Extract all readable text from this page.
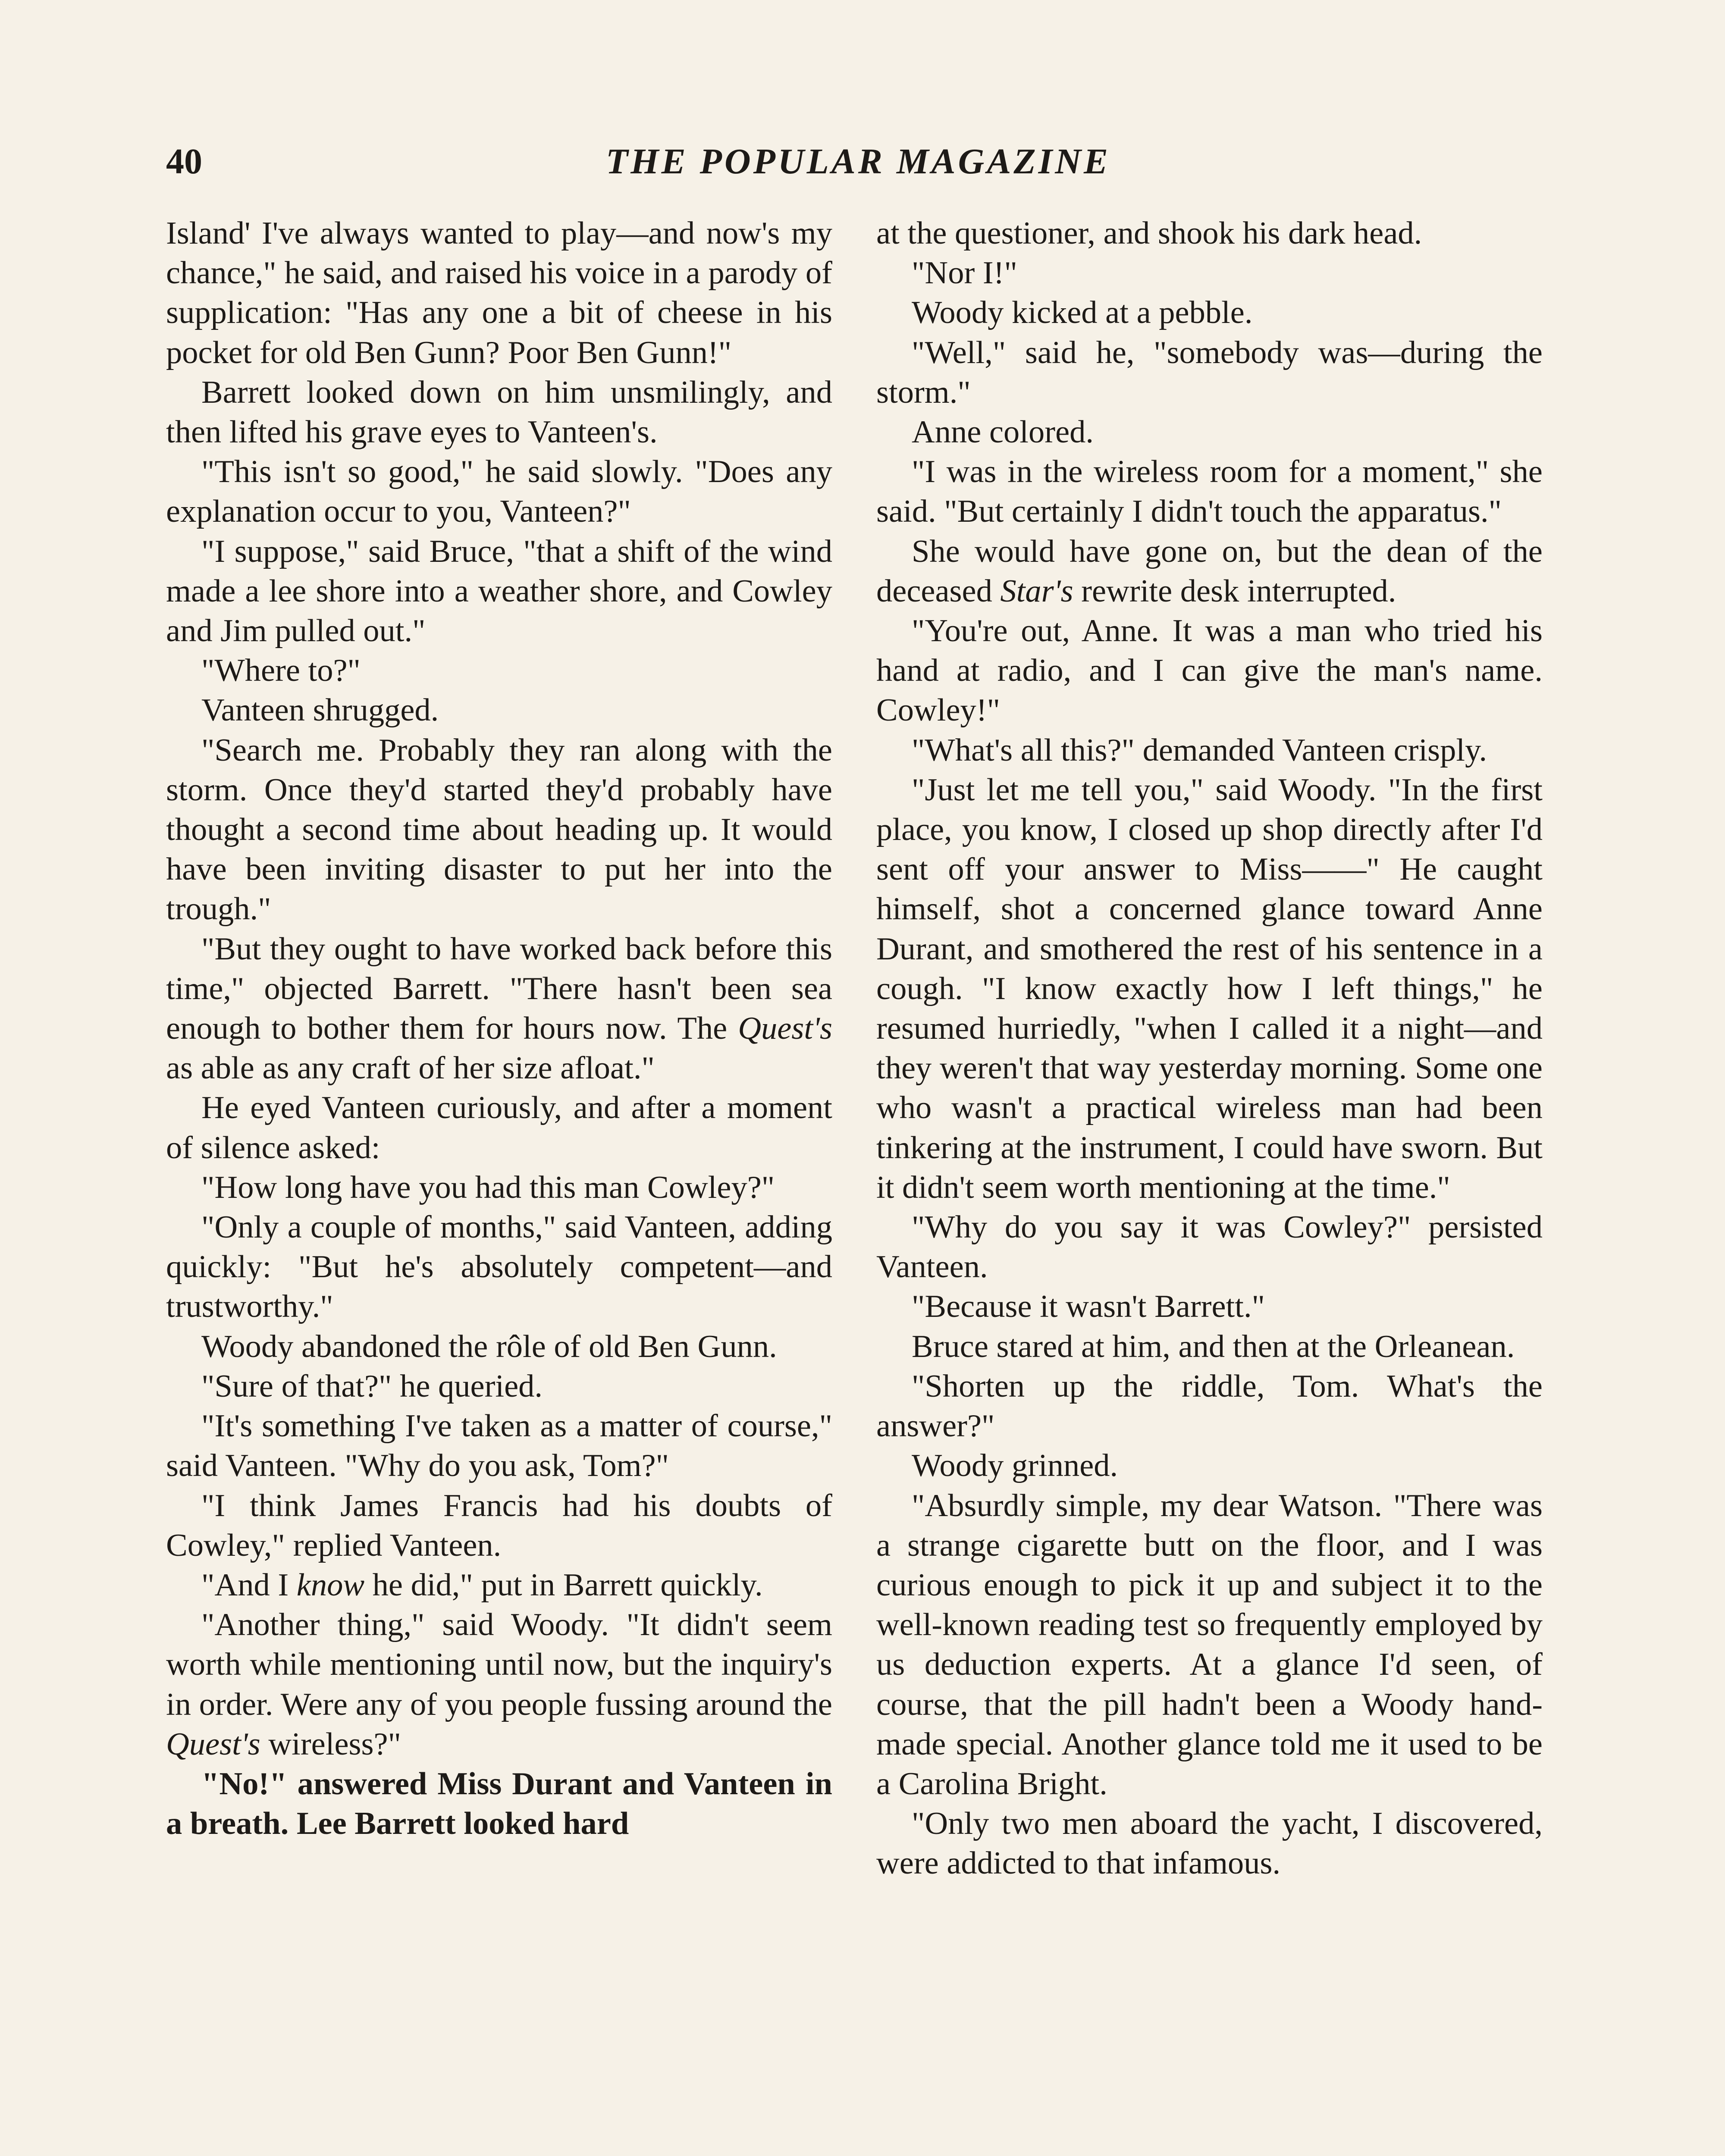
40	THE POPULAR MAGAZINE

Island' I've always wanted to play—and now's my chance," he said, and raised his voice in a parody of supplication: "Has any one a bit of cheese in his pocket for old Ben Gunn? Poor Ben Gunn!"

Barrett looked down on him unsmilingly, and then lifted his grave eyes to Vanteen's.

"This isn't so good," he said slowly. "Does any explanation occur to you, Vanteen?"

"I suppose," said Bruce, "that a shift of the wind made a lee shore into a weather shore, and Cowley and Jim pulled out."

"Where to?"

Vanteen shrugged.

"Search me. Probably they ran along with the storm. Once they'd started they'd probably have thought a second time about heading up. It would have been inviting disaster to put her into the trough."

"But they ought to have worked back before this time," objected Barrett. "There hasn't been sea enough to bother them for hours now. The Quest's as able as any craft of her size afloat."

He eyed Vanteen curiously, and after a moment of silence asked:

"How long have you had this man Cowley?"

"Only a couple of months," said Vanteen, adding quickly: "But he's absolutely competent—and trustworthy."

Woody abandoned the rôle of old Ben Gunn.

"Sure of that?" he queried.

"It's something I've taken as a matter of course," said Vanteen. "Why do you ask, Tom?"

"I think James Francis had his doubts of Cowley," replied Vanteen.

"And I know he did," put in Barrett quickly.

"Another thing," said Woody. "It didn't seem worth while mentioning until now, but the inquiry's in order. Were any of you people fussing around the Quest's wireless?"

"No!" answered Miss Durant and Vanteen in a breath. Lee Barrett looked hard

at the questioner, and shook his dark head.

"Nor I!"

Woody kicked at a pebble.

"Well," said he, "somebody was—during the storm."

Anne colored.

"I was in the wireless room for a moment," she said. "But certainly I didn't touch the apparatus."

She would have gone on, but the dean of the deceased Star's rewrite desk interrupted.

"You're out, Anne. It was a man who tried his hand at radio, and I can give the man's name. Cowley!"

"What's all this?" demanded Vanteen crisply.

"Just let me tell you," said Woody. "In the first place, you know, I closed up shop directly after I'd sent off your answer to Miss——" He caught himself, shot a concerned glance toward Anne Durant, and smothered the rest of his sentence in a cough. "I know exactly how I left things," he resumed hurriedly, "when I called it a night—and they weren't that way yesterday morning. Some one who wasn't a practical wireless man had been tinkering at the instrument, I could have sworn. But it didn't seem worth mentioning at the time."

"Why do you say it was Cowley?" persisted Vanteen.

"Because it wasn't Barrett."

Bruce stared at him, and then at the Orleanean.

"Shorten up the riddle, Tom. What's the answer?"

Woody grinned.

"Absurdly simple, my dear Watson. "There was a strange cigarette butt on the floor, and I was curious enough to pick it up and subject it to the well-known reading test so frequently employed by us deduction experts. At a glance I'd seen, of course, that the pill hadn't been a Woody hand-made special. Another glance told me it used to be a Carolina Bright.

"Only two men aboard the yacht, I discovered, were addicted to that infamous.
